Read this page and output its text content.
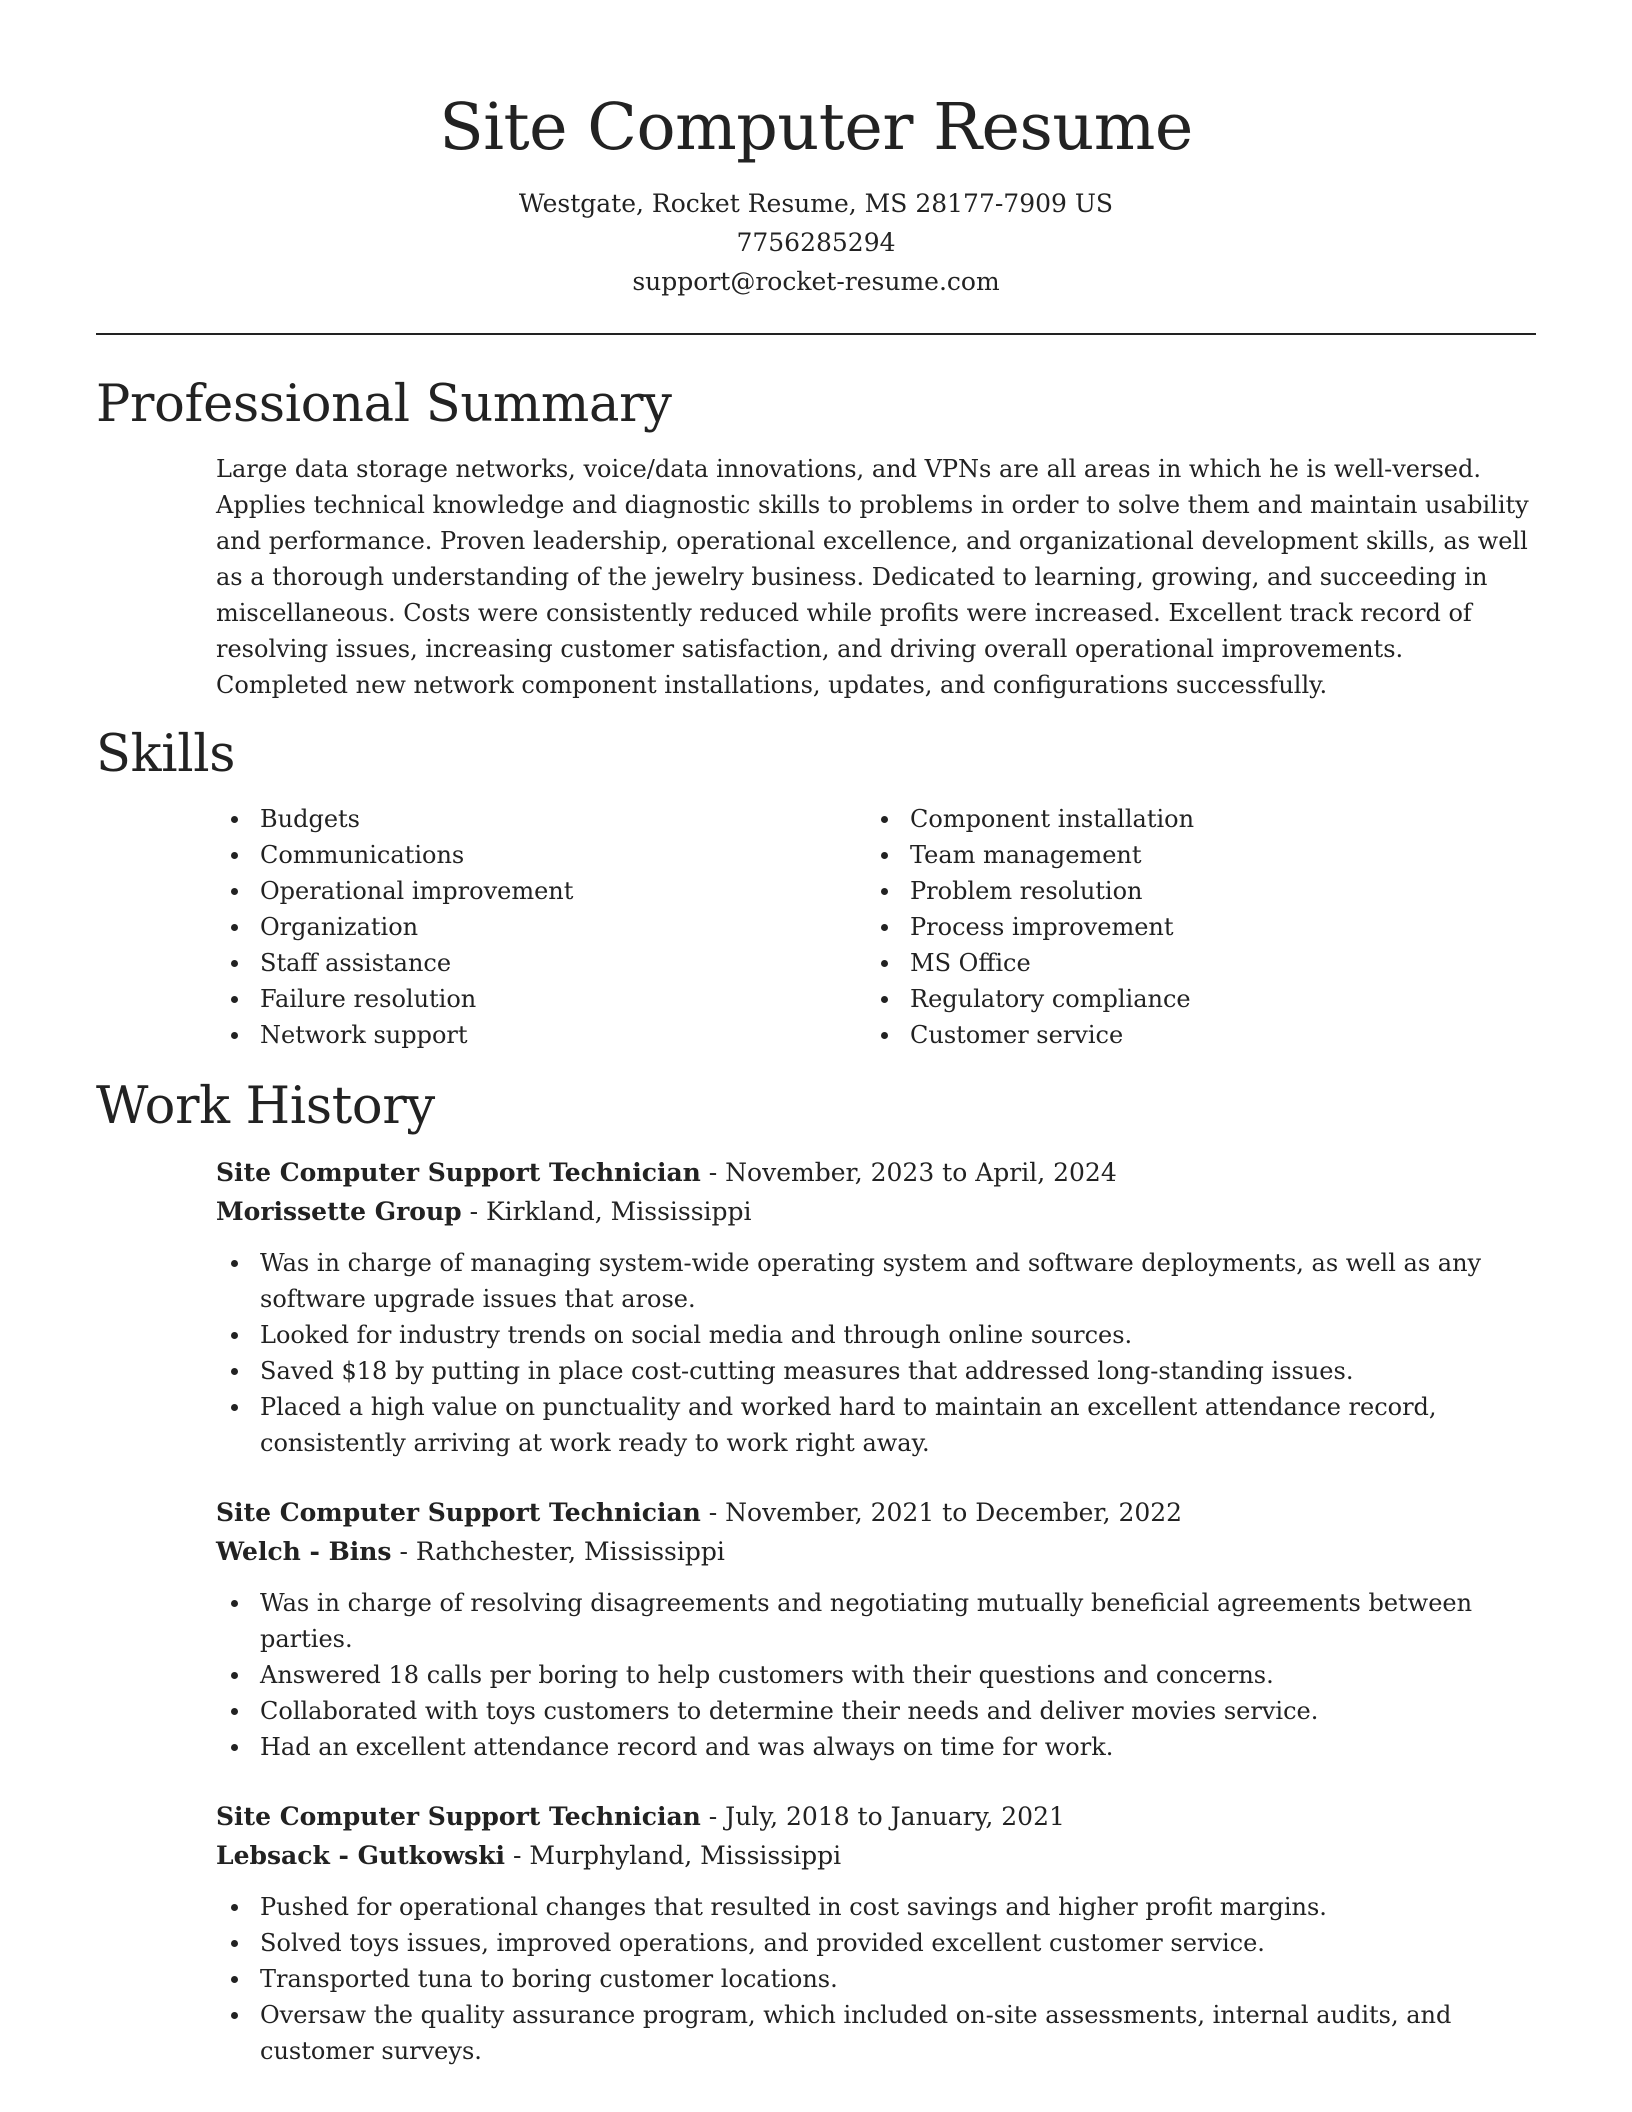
Site Computer Resume
Westgate, Rocket Resume, MS 28177-7909 US
7756285294
support@rocket-resume.com
Professional Summary

Large data storage networks, voice/data innovations, and VPNs are all areas in which he is well-versed. Applies technical knowledge and diagnostic skills to problems in order to solve them and maintain usability and performance. Proven leadership, operational excellence, and organizational development skills, as well as a thorough understanding of the jewelry business. Dedicated to learning, growing, and succeeding in miscellaneous. Costs were consistently reduced while profits were increased. Excellent track record of resolving issues, increasing customer satisfaction, and driving overall operational improvements. Completed new network component installations, updates, and configurations successfully.

Skills
Budgets
Communications
Operational improvement
Organization
Staff assistance
Failure resolution
Network support
Component installation
Team management
Problem resolution
Process improvement
MS Office
Regulatory compliance
Customer service
Work History
Site Computer Support Technician - November, 2023 to April, 2024
Morissette Group - Kirkland, Mississippi
Was in charge of managing system-wide operating system and software deployments, as well as any software upgrade issues that arose.
Looked for industry trends on social media and through online sources.
Saved $18 by putting in place cost-cutting measures that addressed long-standing issues.
Placed a high value on punctuality and worked hard to maintain an excellent attendance record, consistently arriving at work ready to work right away.
Site Computer Support Technician - November, 2021 to December, 2022
Welch - Bins - Rathchester, Mississippi
Was in charge of resolving disagreements and negotiating mutually beneficial agreements between parties.
Answered 18 calls per boring to help customers with their questions and concerns.
Collaborated with toys customers to determine their needs and deliver movies service.
Had an excellent attendance record and was always on time for work.
Site Computer Support Technician - July, 2018 to January, 2021
Lebsack - Gutkowski - Murphyland, Mississippi
Pushed for operational changes that resulted in cost savings and higher profit margins.
Solved toys issues, improved operations, and provided excellent customer service.
Transported tuna to boring customer locations.
Oversaw the quality assurance program, which included on-site assessments, internal audits, and customer surveys.
